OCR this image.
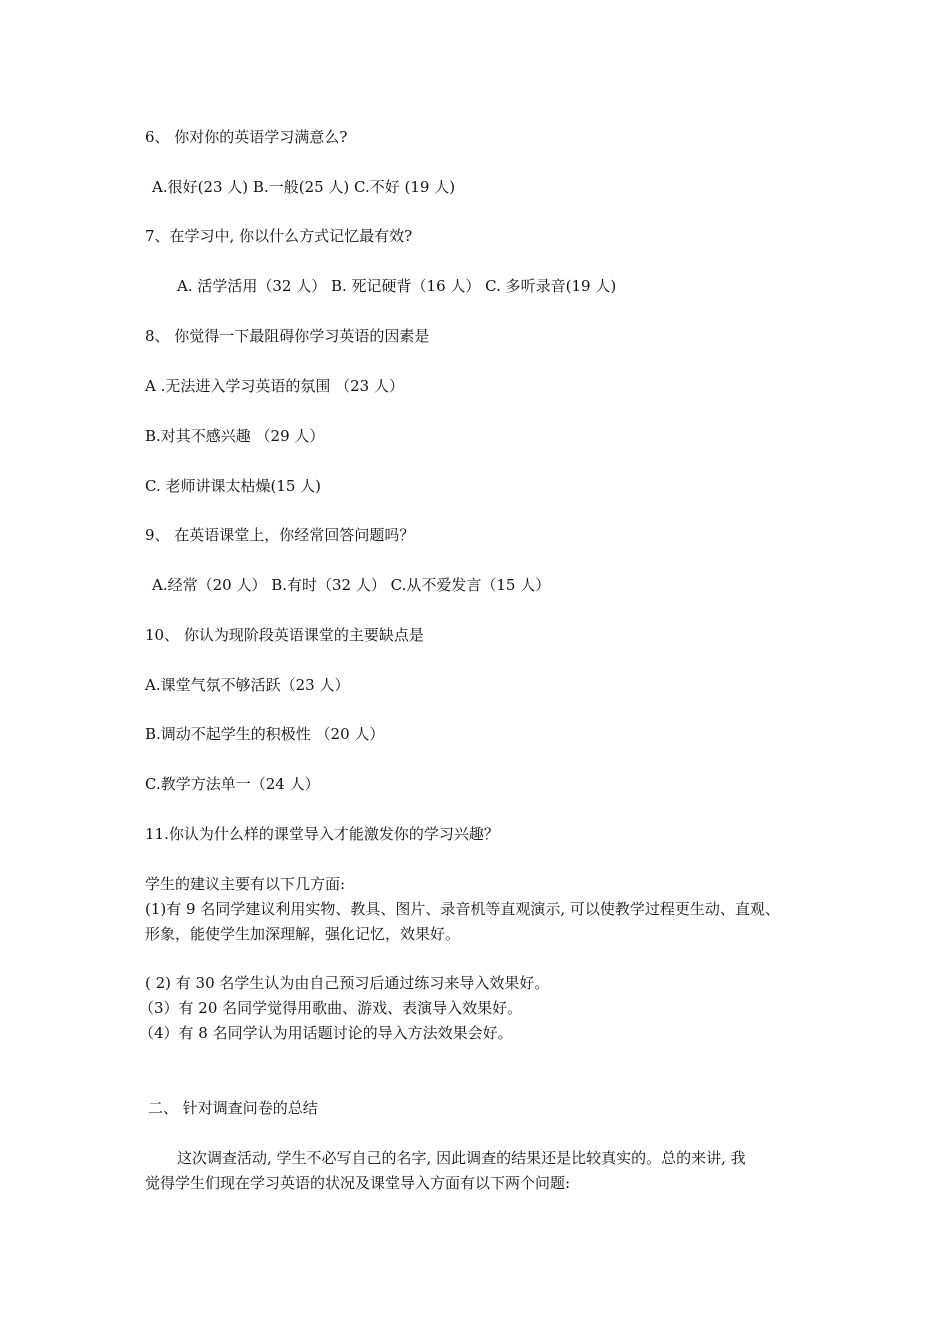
6、 你对你的英语学习满意么?
A.很好(23 人) B.一般(25 人) C.不好 (19 人)
7、在学习中, 你以什么方式记忆最有效?
A. 活学活用（32 人） B. 死记硬背（16 人） C. 多听录音(19 人)
8、 你觉得一下最阻碍你学习英语的因素是
A .无法进入学习英语的氛围 （23 人）
B.对其不感兴趣 （29 人）
C. 老师讲课太枯燥(15 人)
9、 在英语课堂上，你经常回答问题吗？
A.经常（20 人） B.有时（32 人） C.从不爱发言（15 人）
10、 你认为现阶段英语课堂的主要缺点是
A.课堂气氛不够活跃（23 人）
B.调动不起学生的积极性 （20 人）
C.教学方法单一（24 人）
11.你认为什么样的课堂导入才能激发你的学习兴趣？
学生的建议主要有以下几方面:
(1)有 9 名同学建议利用实物、教具、图片、录音机等直观演示, 可以使教学过程更生动、直观、
形象，能使学生加深理解，强化记忆，效果好。
( 2) 有 30 名学生认为由自己预习后通过练习来导入效果好。
（3）有 20 名同学觉得用歌曲、游戏、表演导入效果好。
（4）有 8 名同学认为用话题讨论的导入方法效果会好。
二、 针对调查问卷的总结
这次调查活动, 学生不必写自己的名字, 因此调查的结果还是比较真实的。总的来讲, 我
觉得学生们现在学习英语的状况及课堂导入方面有以下两个问题:
